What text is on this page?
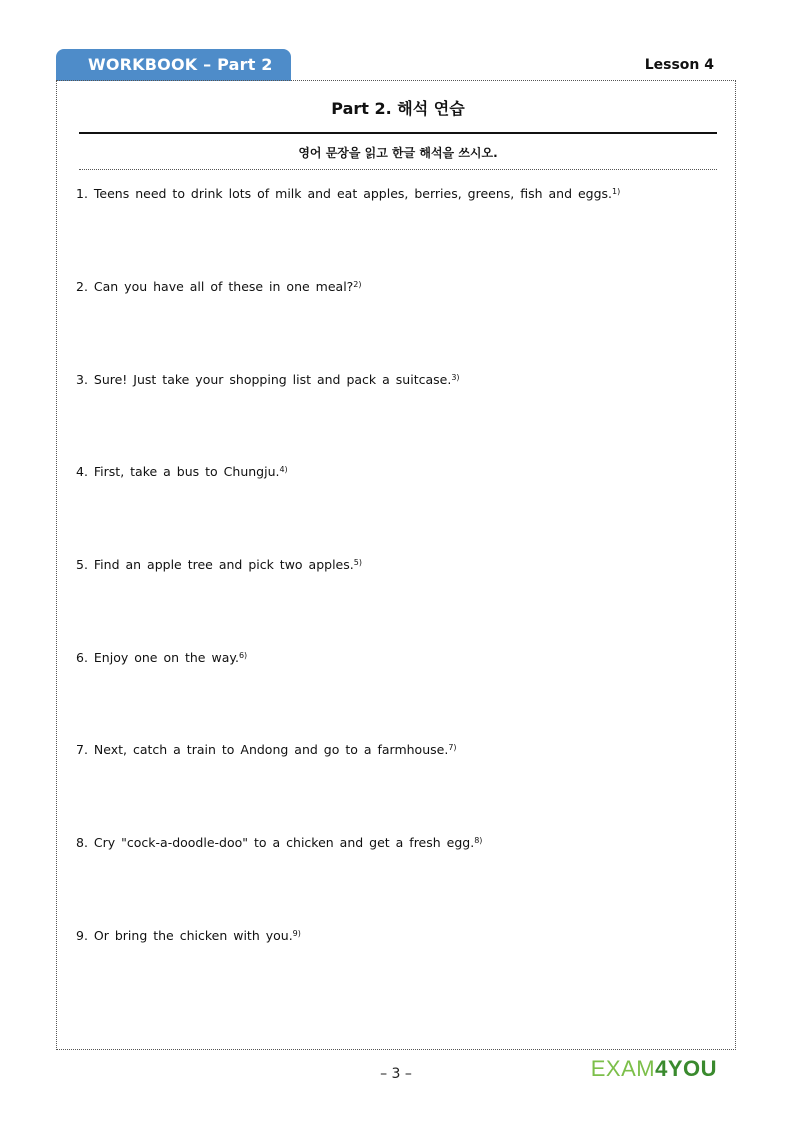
WORKBOOK – Part 2	Lesson 4
Part 2. 해석 연습
영어 문장을 읽고 한글 해석을 쓰시오.
1. Teens need to drink lots of milk and eat apples, berries, greens, fish and eggs.$^{1)}$
2. Can you have all of these in one meal?$^{2)}$
3. Sure! Just take your shopping list and pack a suitcase.$^{3)}$
4. First, take a bus to Chungju.$^{4)}$
5. Find an apple tree and pick two apples.$^{5)}$
6. Enjoy one on the way.$^{6)}$
7. Next, catch a train to Andong and go to a farmhouse.$^{7)}$
8. Cry "cock-a-doodle-doo" to a chicken and get a fresh egg.$^{8)}$
9. Or bring the chicken with you.$^{9)}$
– 3 –	EXAM4YOU
